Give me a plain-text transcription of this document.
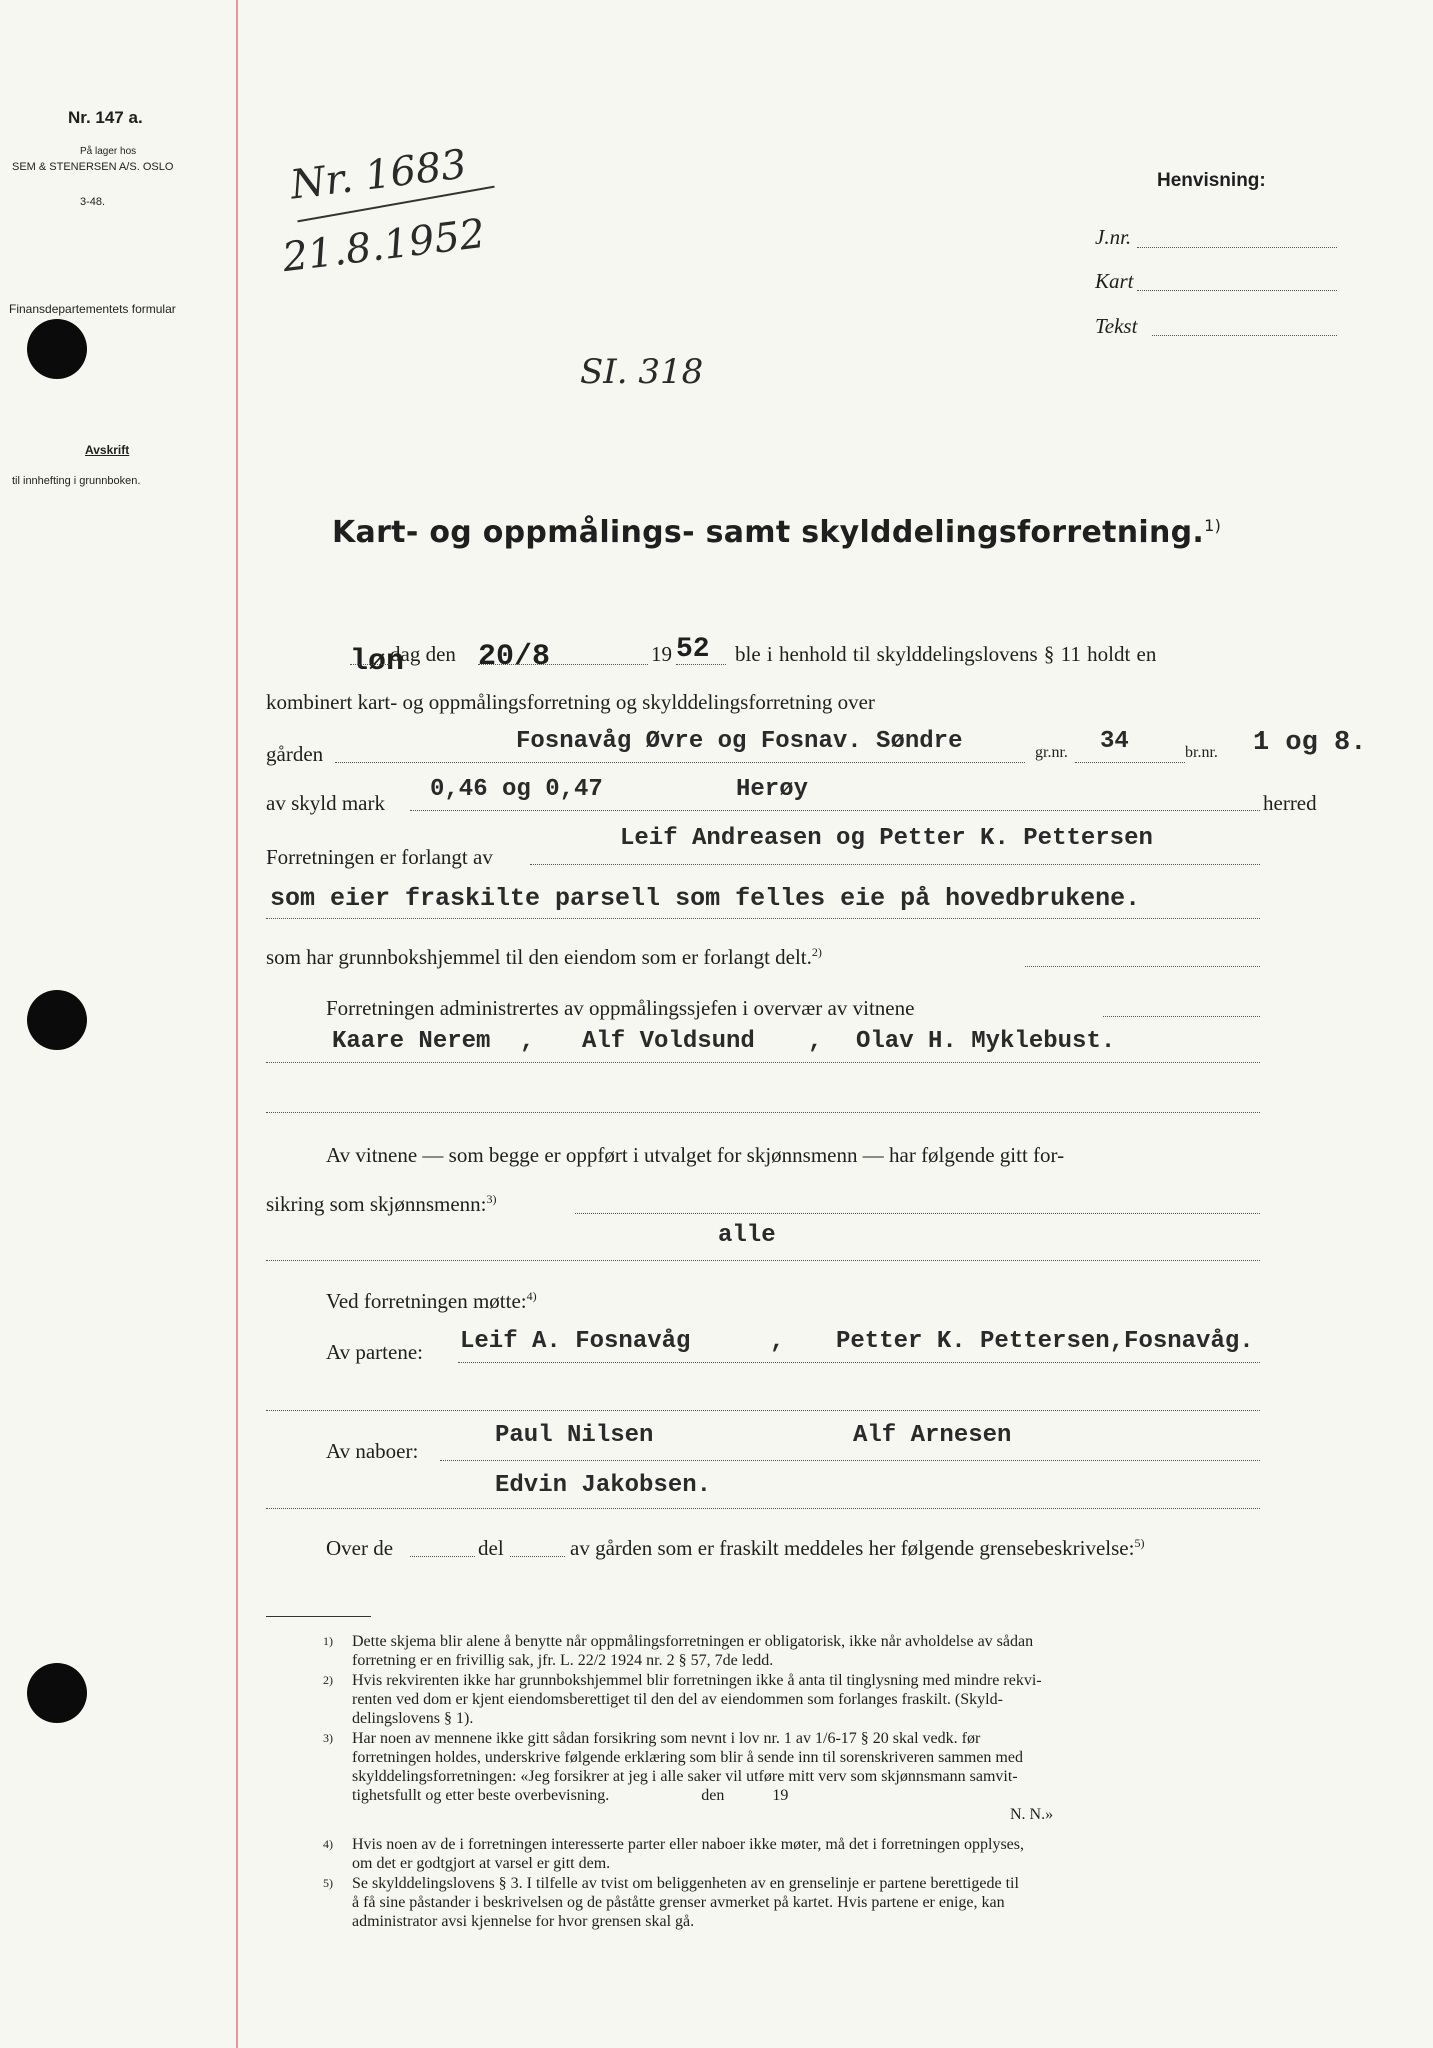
Nr. 147 a.
På lager hos
SEM & STENERSEN A/S. OSLO
3-48.
Finansdepartementets formular
Avskrift
til innhefting i grunnboken.
Nr. 1683
21.8.1952
SI. 318
Henvisning:
J.nr.
Kart
Tekst
Kart- og oppmålings- samt skylddelingsforretning.$^{1)}$
løn
dag den 20/8	19 52 ble i henhold til skylddelingslovens § 11 holdt en
kombinert kart- og oppmålingsforretning og skylddelingsforretning over
gården	Fosnavåg Øvre og Fosnav. Søndre	gr.nr. 34	br.nr. 1 og 8.
av skyld mark 0,46 og 0,47	Herøy	herred
Forretningen er forlangt av
Leif Andreasen og Petter K. Pettersen
som eier fraskilte parsell som felles eie på hovedbrukene.
som har grunnbokshjemmel til den eiendom som er forlangt delt.$^{2)}$
Forretningen administrertes av oppmålingssjefen i overvær av vitnene
Kaare Nerem , Alf Voldsund , Olav H. Myklebust.
Av vitnene — som begge er oppført i utvalget for skjønnsmenn — har følgende gitt for-
sikring som skjønnsmenn:$^{3)}$
alle
Ved forretningen møtte:$^{4)}$
Av partene: Leif A. Fosnavåg	, Petter K. Pettersen,Fosnavåg.
Av naboer:
Paul Nilsen	Alf Arnesen
Edvin Jakobsen.
Over de	del	av gården som er fraskilt meddeles her følgende grensebeskrivelse:$^{5)}$
1) Dette skjema blir alene å benytte når oppmålingsforretningen er obligatorisk, ikke når avholdelse av sådan
forretning er en frivillig sak, jfr. L. 22/2 1924 nr. 2 § 57, 7de ledd.
2) Hvis rekvirenten ikke har grunnbokshjemmel blir forretningen ikke å anta til tinglysning med mindre rekvi-
renten ved dom er kjent eiendomsberettiget til den del av eiendommen som forlanges fraskilt. (Skyld-
delingslovens § 1).
3) Har noen av mennene ikke gitt sådan forsikring som nevnt i lov nr. 1 av 1/6-17 § 20 skal vedk. før
forretningen holdes, underskrive følgende erklæring som blir å sende inn til sorenskriveren sammen med
skylddelingsforretningen: «Jeg forsikrer at jeg i alle saker vil utføre mitt verv som skjønnsmann samvit-
tighetsfullt og etter beste overbevisning.                       den            19
N. N.»
4) Hvis noen av de i forretningen interesserte parter eller naboer ikke møter, må det i forretningen opplyses,
om det er godtgjort at varsel er gitt dem.
5) Se skylddelingslovens § 3. I tilfelle av tvist om beliggenheten av en grenselinje er partene berettigede til
å få sine påstander i beskrivelsen og de påståtte grenser avmerket på kartet. Hvis partene er enige, kan
administrator avsi kjennelse for hvor grensen skal gå.
